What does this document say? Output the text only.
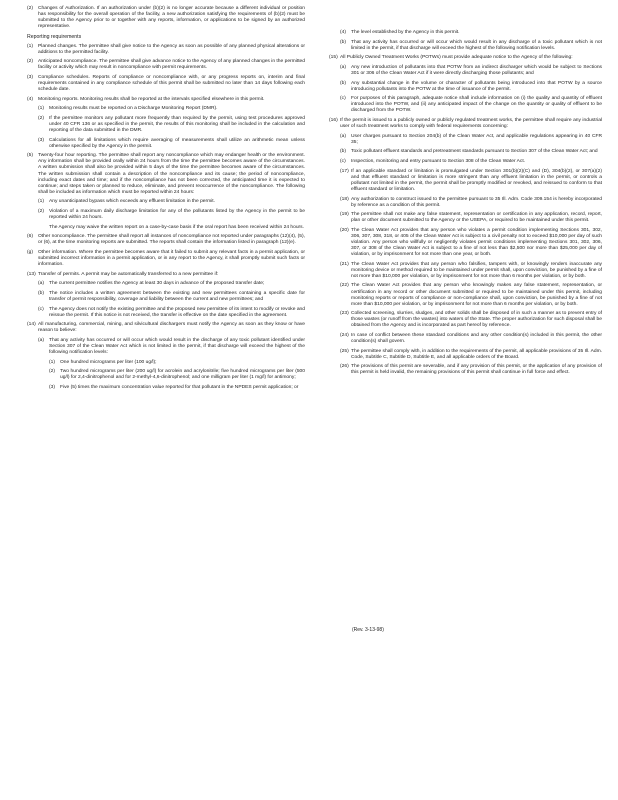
(2) Changes of Authorization. If an authorization under (b)(2) is no longer accurate because a different individual or position has responsibility for the overall operation of the facility, a new authorization satisfying the requirements of (b)(2) must be submitted to the Agency prior to or together with any reports, information, or applications to be signed by an authorized representative.
Reporting requirements
(1) Planned changes. The permittee shall give notice to the Agency as soon as possible of any planned physical alterations or additions to the permitted facility.
(2) Anticipated noncompliance. The permittee shall give advance notice to the Agency of any planned changes in the permitted facility or activity which may result in noncompliance with permit requirements.
(3) Compliance schedules. Reports of compliance or noncompliance with, or any progress reports on, interim and final requirements contained in any compliance schedule of this permit shall be submitted no later than 14 days following each schedule date.
(4) Monitoring reports. Monitoring results shall be reported at the intervals specified elsewhere in this permit.
(1) Monitoring results must be reported on a Discharge Monitoring Report (DMR).
(2) If the permittee monitors any pollutant more frequently than required by the permit, using test procedures approved under 40 CFR 136 or as specified in the permit, the results of this monitoring shall be included in the calculation and reporting of the data submitted in the DMR.
(3) Calculations for all limitations which require averaging of measurements shall utilize an arithmetic mean unless otherwise specified by the Agency in the permit.
(5) Twenty-four hour reporting. The permittee shall report any noncompliance which may endanger health or the environment. Any information shall be provided orally within 24 hours from the time the permittee becomes aware of the circumstances. A written submission shall also be provided within 5 days of the time the permittee becomes aware of the circumstances. The written submission shall contain a description of the noncompliance and its cause; the period of noncompliance, including exact dates and time; and if the noncompliance has not been corrected, the anticipated time it is expected to continue; and steps taken or planned to reduce, eliminate, and prevent reoccurrence of the noncompliance. The following shall be included as information which must be reported within 24 hours:
(1) Any unanticipated bypass which exceeds any effluent limitation in the permit.
(2) Violation of a maximum daily discharge limitation for any of the pollutants listed by the Agency in the permit to be reported within 24 hours.
The Agency may waive the written report on a case-by-case basis if the oral report has been received within 24 hours.
(6) Other noncompliance. The permittee shall report all instances of noncompliance not reported under paragraphs (12)(4), (5), or (6), at the time monitoring reports are submitted. The reports shall contain the information listed in paragraph (12)(e).
(g) Other information. Where the permittee becomes aware that it failed to submit any relevant facts in a permit application, or submitted incorrect information in a permit application, or in any report to the Agency, it shall promptly submit such facts or information.
(13) Transfer of permits. A permit may be automatically transferred to a new permittee if:
(a) The current permittee notifies the Agency at least 30 days in advance of the proposed transfer date;
(b) The notice includes a written agreement between the existing and new permittees containing a specific date for transfer of permit responsibility, coverage and liability between the current and new permittees; and
(c) The Agency does not notify the existing permittee and the proposed new permittee of its intent to modify or revoke and reissue the permit. If this notice is not received, the transfer is effective on the date specified in the agreement.
(14) All manufacturing, commercial, mining, and silvicultural dischargers must notify the Agency as soon as they know or have reason to believe:
(a) That any activity has occurred or will occur which would result in the discharge of any toxic pollutant identified under Section 307 of the Clean Water Act which is not limited in the permit, if that discharge will exceed the highest of the following notification levels:
(1) One hundred micrograms per liter (100 ug/l);
(2) Two hundred micrograms per liter (200 ug/l) for acrolein and acrylonitrile; five hundred micrograms per liter (500 ug/l) for 2,4-dinitrophenol and for 2-methyl-4,6-dinitrophenol; and one milligram per liter (1 mg/l) for antimony;
(3) Five (5) times the maximum concentration value reported for that pollutant in the NPDES permit application; or
(4) The level established by the Agency in this permit.
(b) That any activity has occurred or will occur which would result in any discharge of a toxic pollutant which is not limited in the permit, if that discharge will exceed the highest of the following notification levels.
(15) All Publicly Owned Treatment Works (POTWs) must provide adequate notice to the Agency of the following:
(a) Any new introduction of pollutants into that POTW from an indirect discharger which would be subject to Sections 301 or 306 of the Clean Water Act if it were directly discharging those pollutants; and
(b) Any substantial change in the volume or character of pollutants being introduced into that POTW by a source introducing pollutants into the POTW at the time of issuance of the permit.
(c) For purposes of this paragraph, adequate notice shall include information on (i) the quality and quantity of effluent introduced into the POTW, and (ii) any anticipated impact of the change on the quantity or quality of effluent to be discharged from the POTW.
(16) If the permit is issued to a publicly owned or publicly regulated treatment works, the permittee shall require any industrial user of such treatment works to comply with federal requirements concerning:
(a) User charges pursuant to Section 204(b) of the Clean Water Act, and applicable regulations appearing in 40 CFR 35;
(b) Toxic pollutant effluent standards and pretreatment standards pursuant to Section 307 of the Clean Water Act; and
(c) Inspection, monitoring and entry pursuant to Section 308 of the Clean Water Act.
(17) If an applicable standard or limitation is promulgated under Section 301(b)(2)(C) and (D), 304(b)(2), or 307(a)(2) and that effluent standard or limitation is more stringent than any effluent limitation in the permit, or controls a pollutant not limited in the permit, the permit shall be promptly modified or revoked, and reissued to conform to that effluent standard or limitation.
(18) Any authorization to construct issued to the permittee pursuant to 35 Ill. Adm. Code 309.154 is hereby incorporated by reference as a condition of this permit.
(19) The permittee shall not make any false statement, representation or certification in any application, record, report, plan or other document submitted to the Agency or the USEPA, or required to be maintained under this permit.
(20) The Clean Water Act provides that any person who violates a permit condition implementing Sections 301, 302, 306, 307, 308, 318, or 405 of the Clean Water Act is subject to a civil penalty not to exceed $10,000 per day of such violation. Any person who willfully or negligently violates permit conditions implementing Sections 301, 302, 306, 307, or 308 of the Clean Water Act is subject to a fine of not less than $2,500 nor more than $25,000 per day of violation, or by imprisonment for not more than one year, or both.
(21) The Clean Water Act provides that any person who falsifies, tampers with, or knowingly renders inaccurate any monitoring device or method required to be maintained under permit shall, upon conviction, be punished by a fine of not more than $10,000 per violation, or by imprisonment for not more than 6 months per violation, or by both.
(22) The Clean Water Act provides that any person who knowingly makes any false statement, representation, or certification in any record or other document submitted or required to be maintained under this permit, including monitoring reports or reports of compliance or non-compliance shall, upon conviction, be punished by a fine of not more than $10,000 per violation, or by imprisonment for not more than 6 months per violation, or by both.
(23) Collected screening, slurries, sludges, and other solids shall be disposed of in such a manner as to prevent entry of those wastes (or runoff from the wastes) into waters of the State. The proper authorization for such disposal shall be obtained from the Agency and is incorporated as part hereof by reference.
(24) In case of conflict between these standard conditions and any other condition(s) included in this permit, the other condition(s) shall govern.
(25) The permittee shall comply with, in addition to the requirements of the permit, all applicable provisions of 35 Ill. Adm. Code, Subtitle C, Subtitle D, Subtitle E, and all applicable orders of the Board.
(26) The provisions of this permit are severable, and if any provision of this permit, or the application of any provision of this permit is held invalid, the remaining provisions of this permit shall continue in full force and effect.
(Rev. 3-13-98)
